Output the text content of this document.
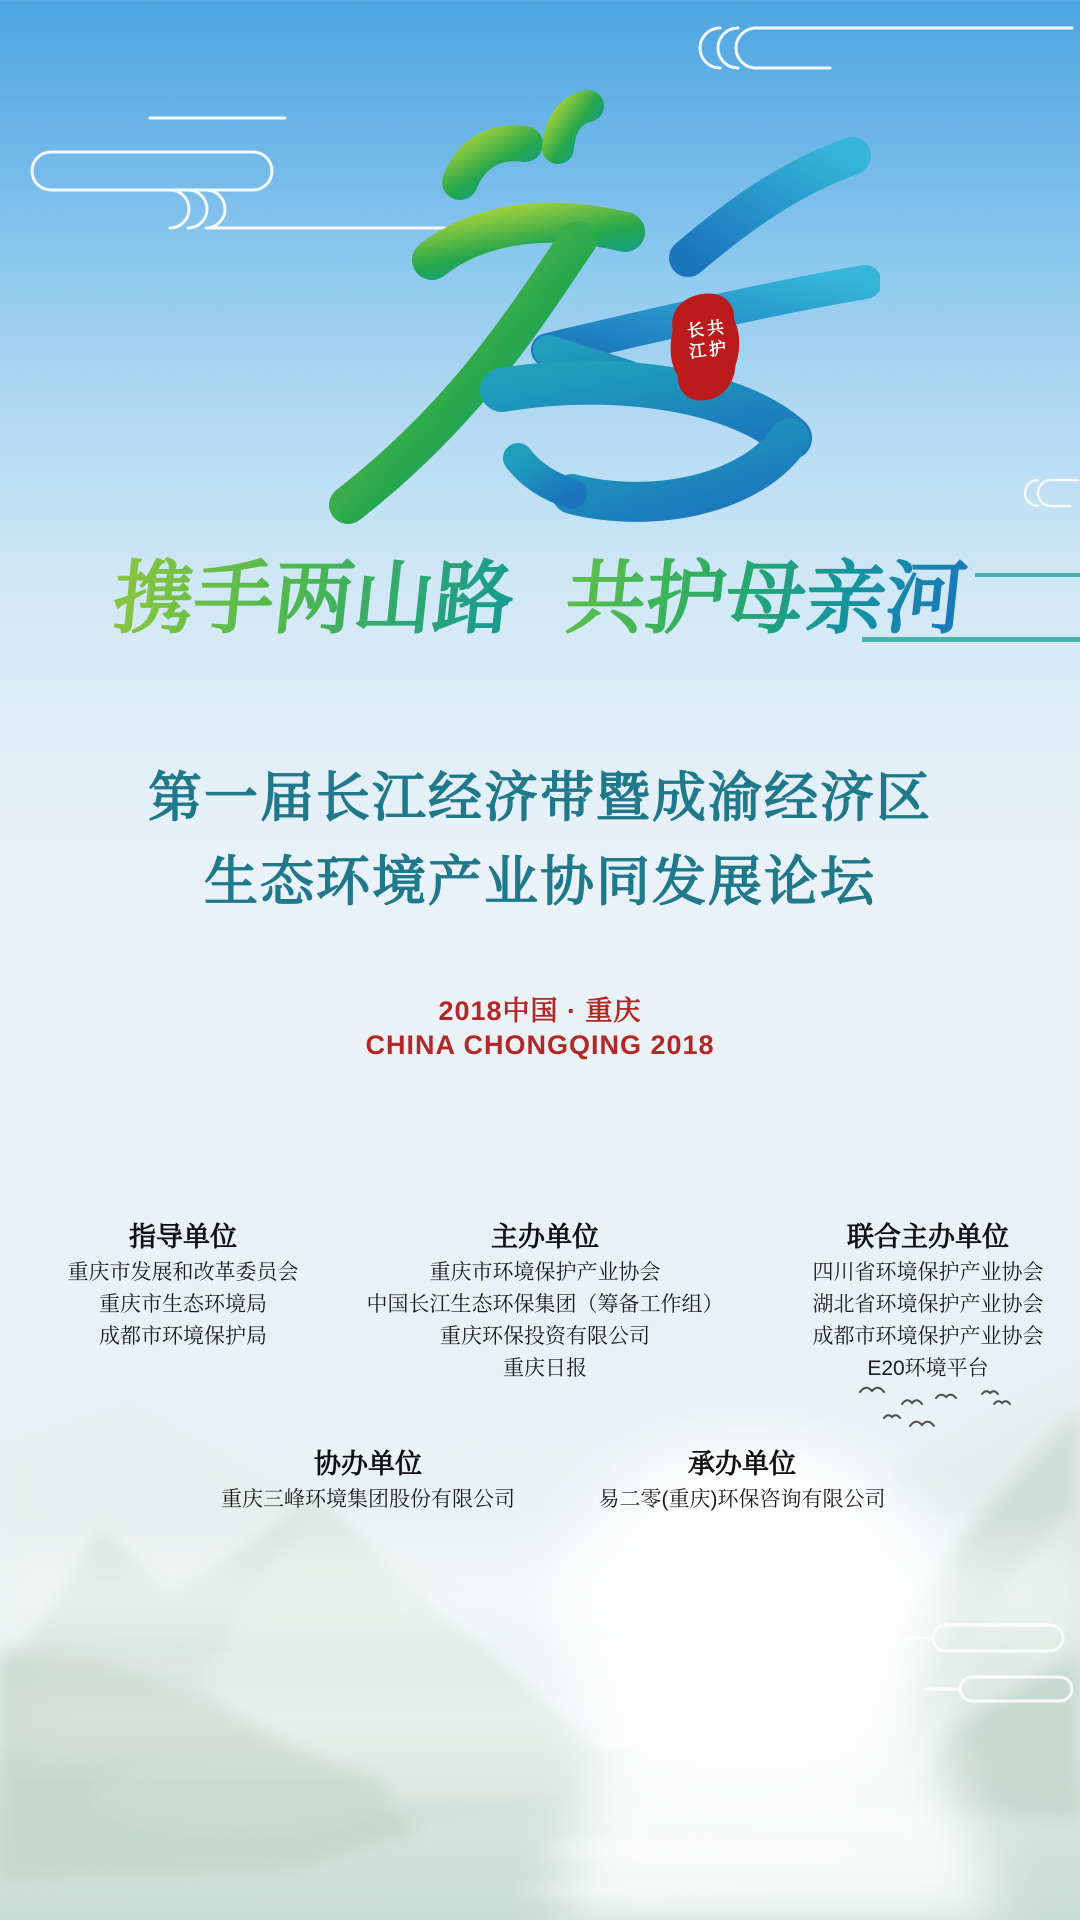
共护长江
携手两山路 共护母亲河
第一届长江经济带暨成渝经济区
生态环境产业协同发展论坛
2018中国 · 重庆
CHINA CHONGQING 2018
指导单位
重庆市发展和改革委员会
重庆市生态环境局
成都市环境保护局
主办单位
重庆市环境保护产业协会
中国长江生态环保集团（筹备工作组）
重庆环保投资有限公司
重庆日报
联合主办单位
四川省环境保护产业协会
湖北省环境保护产业协会
成都市环境保护产业协会
E20环境平台
协办单位
重庆三峰环境集团股份有限公司
承办单位
易二零(重庆)环保咨询有限公司
